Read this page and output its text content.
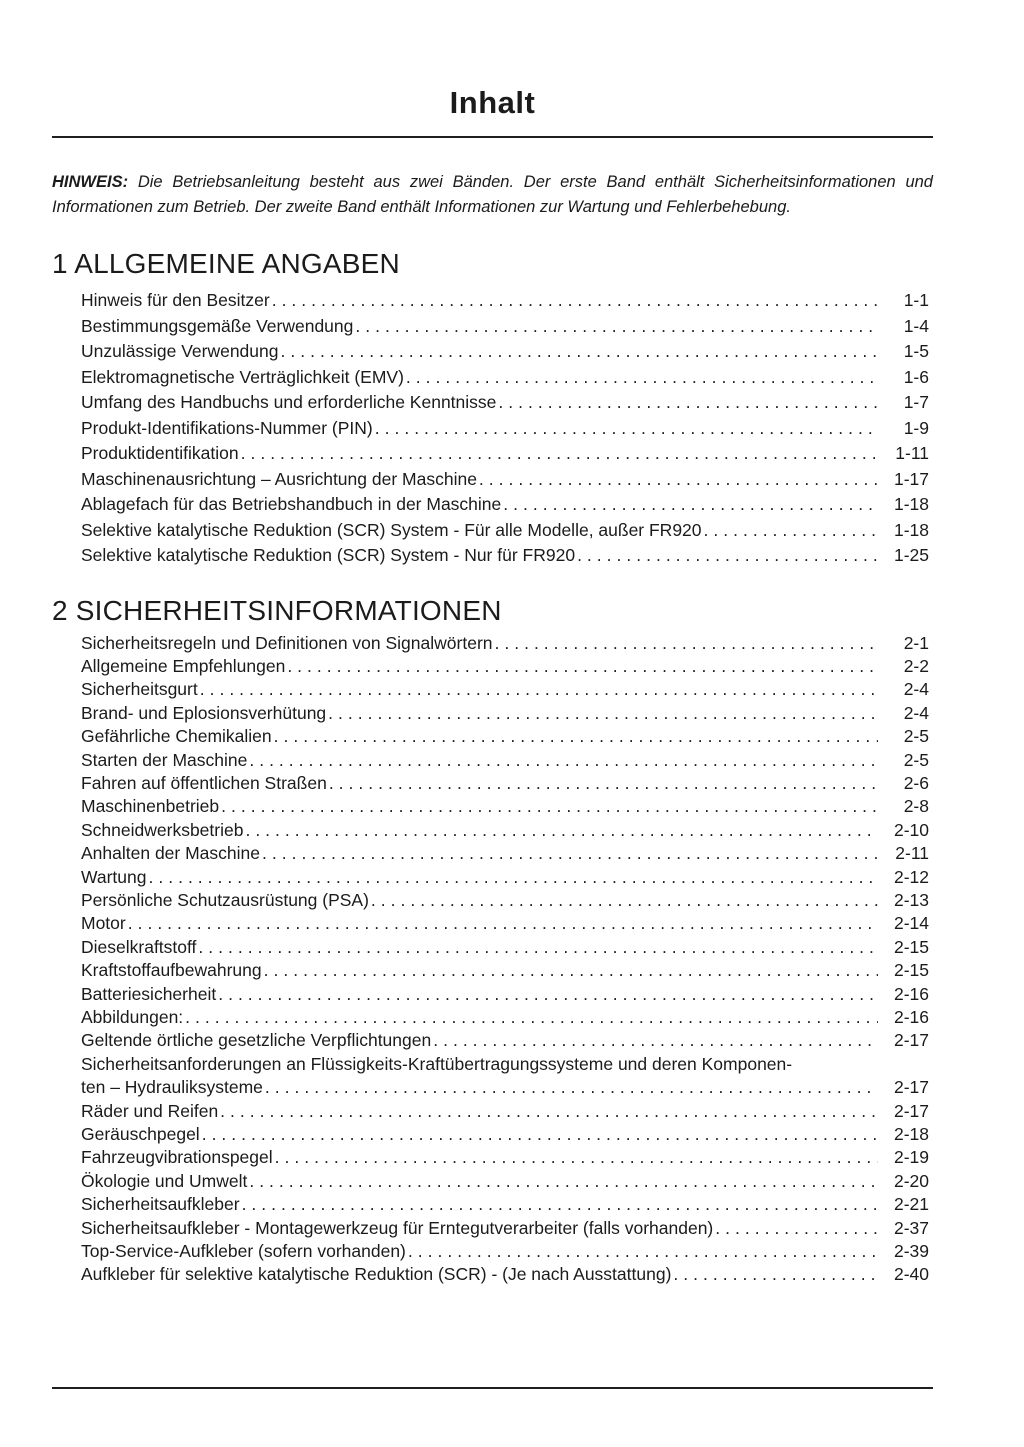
Inhalt

HINWEIS: Die Betriebsanleitung besteht aus zwei Bänden. Der erste Band enthält Sicherheitsinformationen und Informationen zum Betrieb. Der zweite Band enthält Informationen zur Wartung und Fehlerbehebung.

1 ALLGEMEINE ANGABEN
Hinweis für den Besitzer .....	1-1
Bestimmungsgemäße Verwendung .....	1-4
Unzulässige Verwendung .....	1-5
Elektromagnetische Verträglichkeit (EMV) .....	1-6
Umfang des Handbuchs und erforderliche Kenntnisse .....	1-7
Produkt-Identifikations-Nummer (PIN) .....	1-9
Produktidentifikation .....	1-11
Maschinenausrichtung – Ausrichtung der Maschine .....	1-17
Ablagefach für das Betriebshandbuch in der Maschine .....	1-18
Selektive katalytische Reduktion (SCR) System - Für alle Modelle, außer FR920 .....	1-18
Selektive katalytische Reduktion (SCR) System - Nur für FR920 .....	1-25
2 SICHERHEITSINFORMATIONEN
Sicherheitsregeln und Definitionen von Signalwörtern .....	2-1
Allgemeine Empfehlungen .....	2-2
Sicherheitsgurt .....	2-4
Brand- und Eplosionsverhütung .....	2-4
Gefährliche Chemikalien .....	2-5
Starten der Maschine .....	2-5
Fahren auf öffentlichen Straßen .....	2-6
Maschinenbetrieb .....	2-8
Schneidwerksbetrieb .....	2-10
Anhalten der Maschine .....	2-11
Wartung .....	2-12
Persönliche Schutzausrüstung (PSA) .....	2-13
Motor .....	2-14
Dieselkraftstoff .....	2-15
Kraftstoffaufbewahrung .....	2-15
Batteriesicherheit .....	2-16
Abbildungen: .....	2-16
Geltende örtliche gesetzliche Verpflichtungen .....	2-17
Sicherheitsanforderungen an Flüssigkeits-Kraftübertragungssysteme und deren Komponen-
ten – Hydrauliksysteme .....	2-17
Räder und Reifen .....	2-17
Geräuschpegel .....	2-18
Fahrzeugvibrationspegel .....	2-19
Ökologie und Umwelt .....	2-20
Sicherheitsaufkleber .....	2-21
Sicherheitsaufkleber - Montagewerkzeug für Erntegutverarbeiter (falls vorhanden) .....	2-37
Top-Service-Aufkleber (sofern vorhanden) .....	2-39
Aufkleber für selektive katalytische Reduktion (SCR) - (Je nach Ausstattung) .....	2-40
